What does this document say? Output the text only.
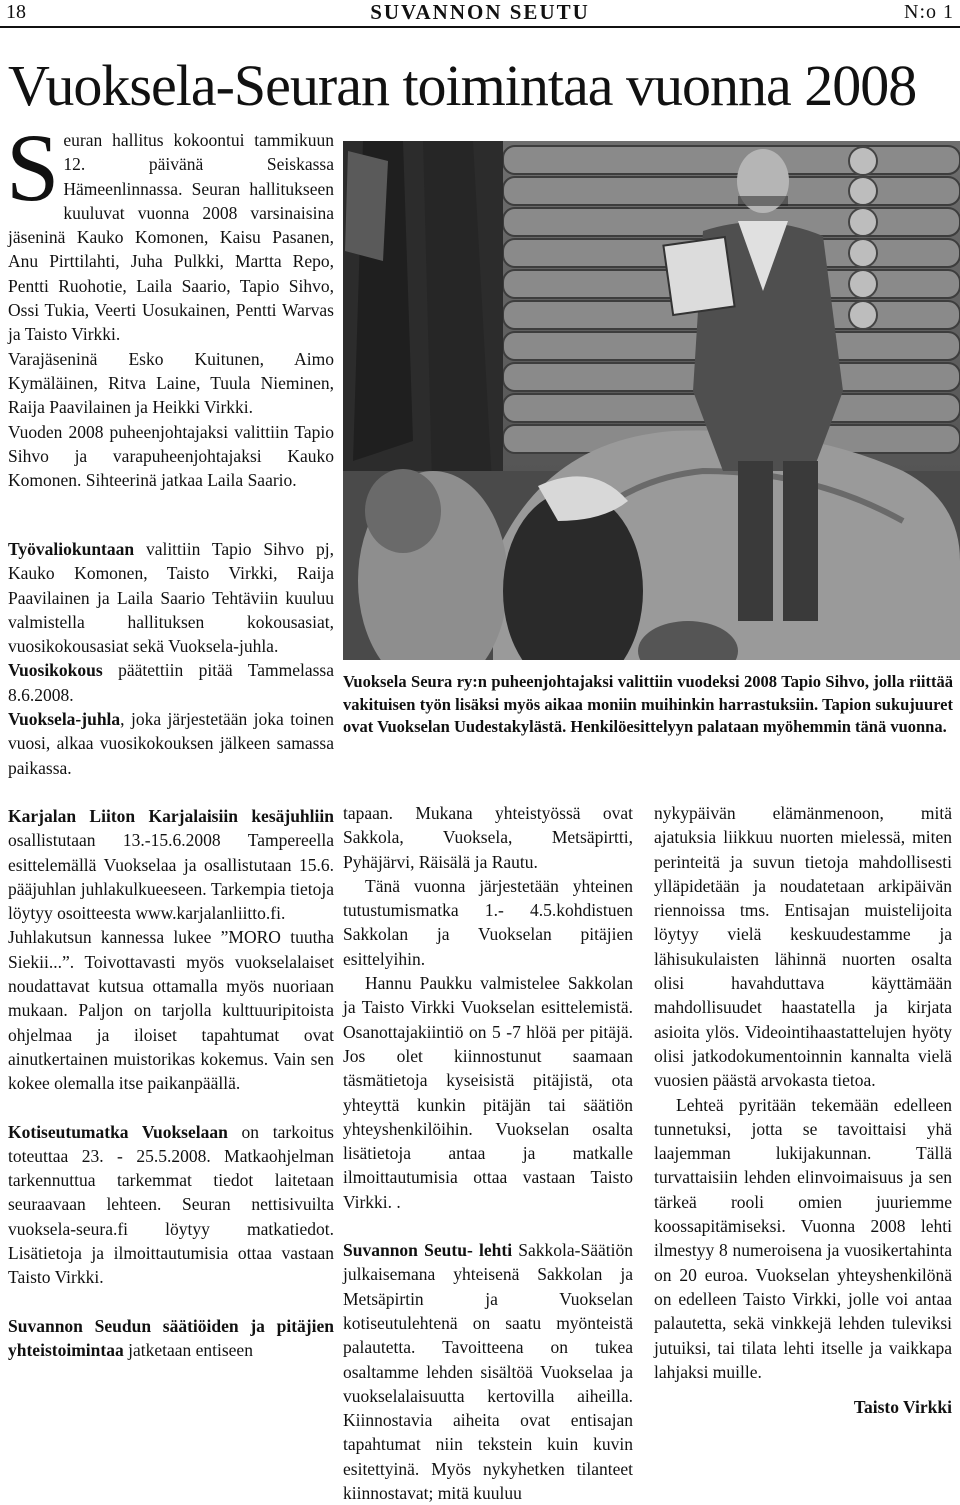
18	SUVANNON SEUTU	N:o 1
Vuoksela-Seuran toimintaa vuonna 2008

Seuran hallitus kokoontui tammikuun 12. päivänä Seiskassa Hämeenlinnassa. Seuran hallitukseen kuuluvat vuonna 2008 varsinaisina jäseninä Kauko Komonen, Kaisu Pasanen, Anu Pirttilahti, Juha Pulkki, Martta Repo, Pentti Ruohotie, Laila Saario, Tapio Sihvo, Ossi Tukia, Veerti Uosukainen, Pentti Warvas ja Taisto Virkki.

Varajäseninä Esko Kuitunen, Aimo Kymäläinen, Ritva Laine, Tuula Nieminen, Raija Paavilainen ja Heikki Virkki.

Vuoden 2008 puheenjohtajaksi valittiin Tapio Sihvo ja varapuheenjohtajaksi Kauko Komonen. Sihteerinä jatkaa Laila Saario.

Vuoksela Seura ry:n puheenjohtajaksi valittiin vuodeksi 2008 Tapio Sihvo, jolla riittää vakituisen työn lisäksi myös aikaa moniin muihinkin harrastuksiin. Tapion sukujuuret ovat Vuokselan Uudestakylästä. Henkilöesittelyyn palataan myöhemmin tänä vuonna.

Työvaliokuntaan valittiin Tapio Sihvo pj, Kauko Komonen, Taisto Virkki, Raija Paavilainen ja Laila Saario Tehtäviin kuuluu valmistella hallituksen kokousasiat, vuosikokousasiat sekä Vuoksela-juhla.

Vuosikokous päätettiin pitää Tammelassa 8.6.2008.

Vuoksela-juhla, joka järjestetään joka toinen vuosi, alkaa vuosikokouksen jälkeen samassa paikassa.

Karjalan Liiton Karjalaisiin kesäjuhliin osallistutaan 13.-15.6.2008 Tampereella esittelemällä Vuokselaa ja osallistutaan 15.6. pääjuhlan juhlakulkueeseen. Tarkempia tietoja löytyy osoitteesta www.karjalanliitto.fi.

Juhlakutsun kannessa lukee ”MORO tuutha Siekii...”. Toivottavasti myös vuokselalaiset noudattavat kutsua ottamalla myös nuoriaan mukaan. Paljon on tarjolla kulttuuripitoista ohjelmaa ja iloiset tapahtumat ovat ainutkertainen muistorikas kokemus. Vain sen kokee olemalla itse paikanpäällä.

Kotiseutumatka Vuokselaan on tarkoitus toteuttaa 23. - 25.5.2008. Matkaohjelman tarkennuttua tarkemmat tiedot laitetaan seuraavaan lehteen. Seuran nettisivuilta vuoksela-seura.fi löytyy matkatiedot. Lisätietoja ja ilmoittautumisia ottaa vastaan Taisto Virkki.

Suvannon Seudun säätiöiden ja pitäjien yhteistoimintaa jatketaan entiseen

tapaan. Mukana yhteistyössä ovat Sakkola, Vuoksela, Metsäpirtti, Pyhäjärvi, Räisälä ja Rautu.

Tänä vuonna järjestetään yhteinen tutustumismatka 1.- 4.5.kohdistuen Sakkolan ja Vuokselan pitäjien esittelyihin.

Hannu Paukku valmistelee Sakkolan ja Taisto Virkki Vuokselan esittelemistä. Osanottajakiintiö on 5 -7 hlöä per pitäjä. Jos olet kiinnostunut saamaan täsmätietoja kyseisistä pitäjistä, ota yhteyttä kunkin pitäjän tai säätiön yhteyshenkilöihin. Vuokselan osalta lisätietoja antaa ja matkalle ilmoittautumisia ottaa vastaan Taisto Virkki. .

Suvannon Seutu- lehti Sakkola-Säätiön julkaisemana yhteisenä Sakkolan ja Metsäpirtin ja Vuokselan kotiseutulehtenä on saatu myönteistä palautetta. Tavoitteena on tukea osaltamme lehden sisältöä Vuokselaa ja vuokselalaisuutta kertovilla aiheilla. Kiinnostavia aiheita ovat entisajan tapahtumat niin tekstein kuin kuvin esitettyinä. Myös nykyhetken tilanteet kiinnostavat; mitä kuuluu

nykypäivän elämänmenoon, mitä ajatuksia liikkuu nuorten mielessä, miten perinteitä ja suvun tietoja mahdollisesti ylläpidetään ja noudatetaan arkipäivän riennoissa tms. Entisajan muistelijoita löytyy vielä keskuudestamme ja lähisukulaisten lähinnä nuorten osalta olisi havahduttava käyttämään mahdollisuudet haastatella ja kirjata asioita ylös. Videointihaastattelujen hyöty olisi jatkodokumentoinnin kannalta vielä vuosien päästä arvokasta tietoa.

Lehteä pyritään tekemään edelleen tunnetuksi, jotta se tavoittaisi yhä laajemman lukijakunnan. Tällä turvattaisiin lehden elinvoimaisuus ja sen tärkeä rooli omien juuriemme koossapitämiseksi. Vuonna 2008 lehti ilmestyy 8 numeroisena ja vuosikertahinta on 20 euroa. Vuokselan yhteyshenkilönä on edelleen Taisto Virkki, jolle voi antaa palautetta, sekä vinkkejä lehden tuleviksi jutuiksi, tai tilata lehti itselle ja vaikkapa lahjaksi muille.

Taisto Virkki
